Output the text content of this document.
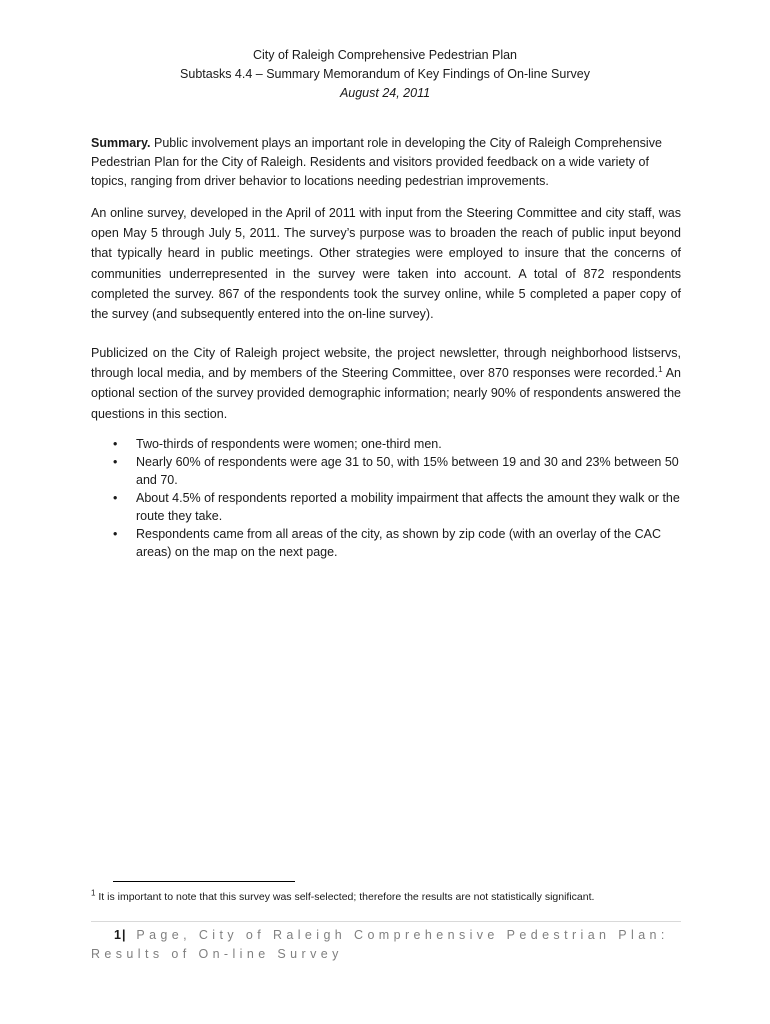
City of Raleigh Comprehensive Pedestrian Plan
Subtasks 4.4 – Summary Memorandum of Key Findings of On-line Survey
August 24, 2011

Summary. Public involvement plays an important role in developing the City of Raleigh Comprehensive Pedestrian Plan for the City of Raleigh. Residents and visitors provided feedback on a wide variety of topics, ranging from driver behavior to locations needing pedestrian improvements.

An online survey, developed in the April of 2011 with input from the Steering Committee and city staff, was open May 5 through July 5, 2011. The survey’s purpose was to broaden the reach of public input beyond that typically heard in public meetings. Other strategies were employed to insure that the concerns of communities underrepresented in the survey were taken into account. A total of 872 respondents completed the survey. 867 of the respondents took the survey online, while 5 completed a paper copy of the survey (and subsequently entered into the on-line survey).

Publicized on the City of Raleigh project website, the project newsletter, through neighborhood listservs, through local media, and by members of the Steering Committee, over 870 responses were recorded.$^1$ An optional section of the survey provided demographic information; nearly 90% of respondents answered the questions in this section.

• Two-thirds of respondents were women; one-third men.
• Nearly 60% of respondents were age 31 to 50, with 15% between 19 and 30 and 23% between 50 and 70.
• About 4.5% of respondents reported a mobility impairment that affects the amount they walk or the route they take.
• Respondents came from all areas of the city, as shown by zip code (with an overlay of the CAC areas) on the map on the next page.
$^1$ It is important to note that this survey was self-selected; therefore the results are not statistically significant.
1| Page, City of Raleigh Comprehensive Pedestrian Plan: Results of On-line Survey
